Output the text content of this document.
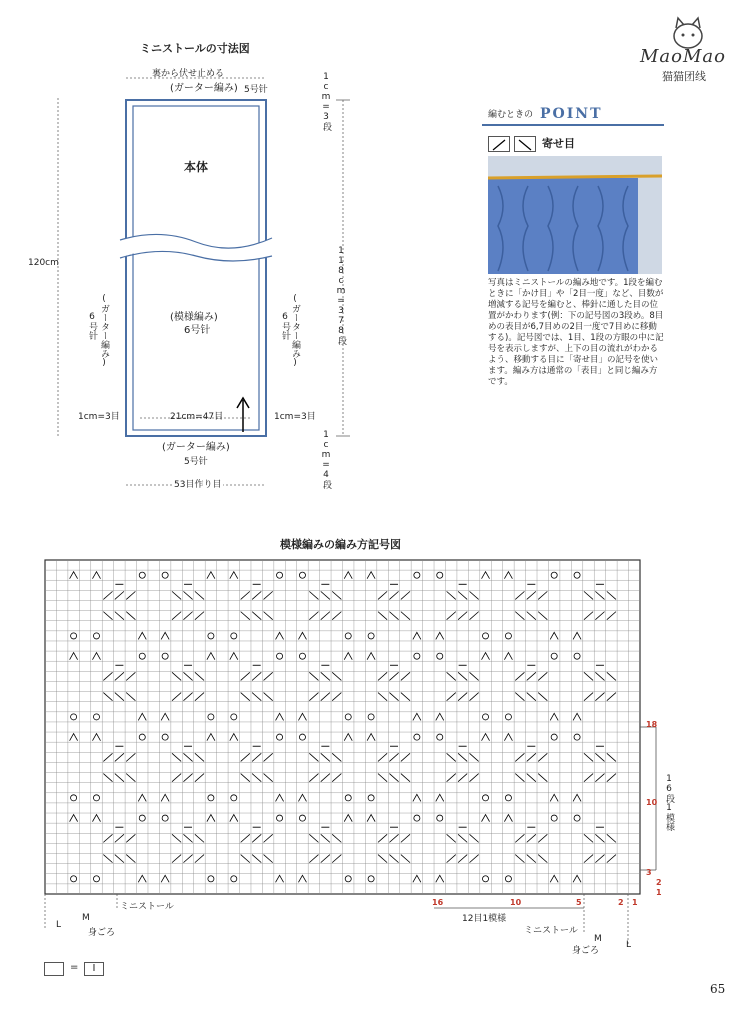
MaoMao
猫猫团线
ミニストールの寸法図
裏から伏せ止める
(ガーター編み) 5号针
本体
(模様編み)
6号针
(ガーター編み)
6号针	(ガーター編み)
6号针
120cm
1cm=3段
118cm=378段
1cm=4段
1cm=3目	21cm=47目	1cm=3目
(ガーター編み)
5号针
53目作り目
編むときの POINT
寄せ目
写真はミニストールの編み地です。1段を編むときに「かけ目」や「2目一度」など、目数が増減する記号を編むと、棒針に通した目の位置がかわります(例：下の記号図の3段め。8目めの表目が6,7目めの2目一度で7目めに移動する)。記号図では、1目、1段の方眼の中に記号を表示しますが、上下の目の流れがわかるよう、移動する目に「寄せ目」の記号を使います。編み方は通常の「表目」と同じ編み方です。
模様編みの編み方記号図
18
10
3
2
1
16段1模様
16	10	5	2 1
12目1模様
ミニストール
L
M
身ごろ	ミニストール
M
L
身ごろ
=	I
65
